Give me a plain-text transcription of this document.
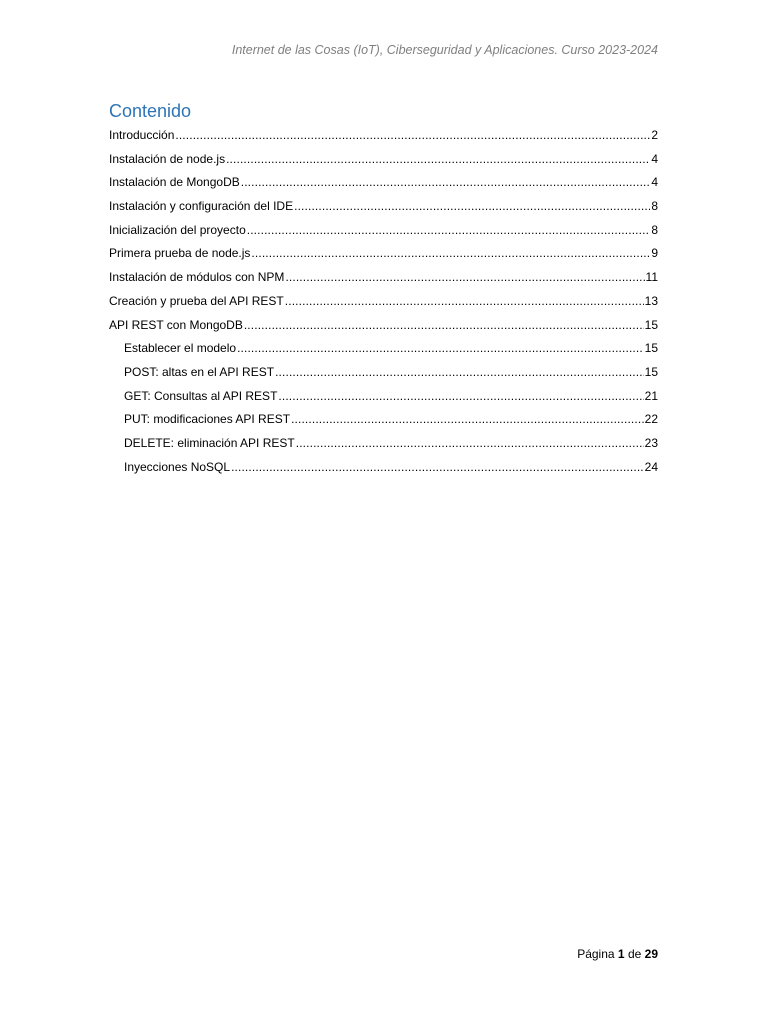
Internet de las Cosas (IoT), Ciberseguridad y Aplicaciones. Curso 2023-2024
Contenido
Introducción . . .	2
Instalación de node.js . . .	4
Instalación de MongoDB . . .	4
Instalación y configuración del IDE . . .	8
Inicialización del proyecto . . .	8
Primera prueba de node.js . . .	9
Instalación de módulos con NPM . . .	11
Creación y prueba del API REST . . .	13
API REST con MongoDB . . .	15
Establecer el modelo . . .	15
POST: altas en el API REST . . .	15
GET: Consultas al API REST . . .	21
PUT: modificaciones API REST . . .	22
DELETE: eliminación API REST . . .	23
Inyecciones NoSQL . . .	24
Página 1 de 29
